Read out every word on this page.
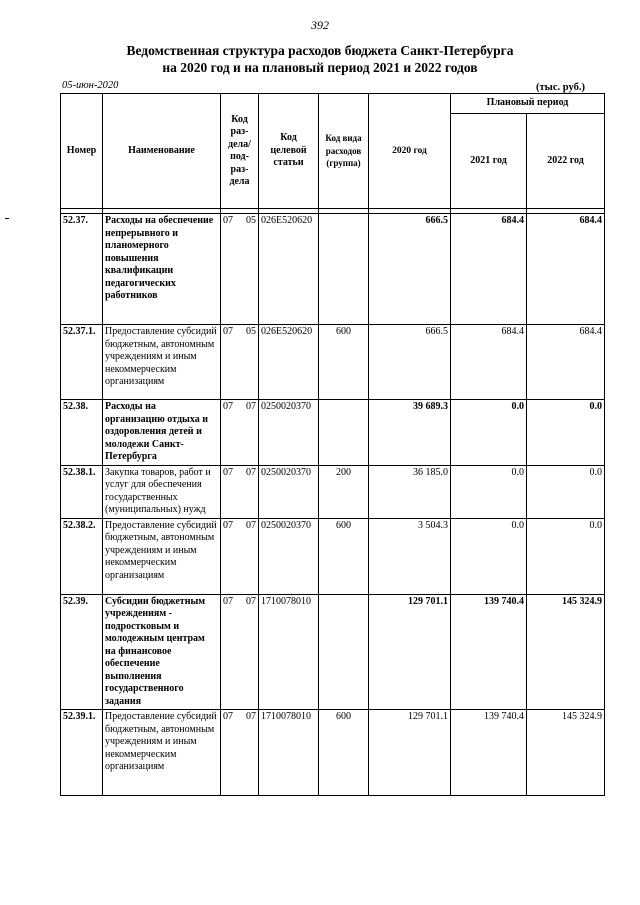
392
Ведомственная структура расходов бюджета Санкт-Петербурга
на 2020 год и на плановый период 2021 и 2022 годов
05-июн-2020	(тыс. руб.)
Номер	Наименование	Код раз- дела/ под- раз- дела	Код целевой статьи	Код вида расходов (группа)	2020 год	Плановый период	
						2021 год	2022 год

52.37.	Расходы на обеспечение непрерывного и планомерного повышения квалификации педагогических работников	07 05	026E520620		666.5	684.4	684.4
52.37.1.	Предоставление субсидий бюджетным, автономным учреждениям и иным некоммерческим организациям	07 05	026E520620	600	666.5	684.4	684.4
52.38.	Расходы на организацию отдыха и оздоровления детей и молодежи Санкт-Петербурга	07 07	0250020370		39 689.3	0.0	0.0
52.38.1.	Закупка товаров, работ и услуг для обеспечения государственных (муниципальных) нужд	07 07	0250020370	200	36 185.0	0.0	0.0
52.38.2.	Предоставление субсидий бюджетным, автономным учреждениям и иным некоммерческим организациям	07 07	0250020370	600	3 504.3	0.0	0.0
52.39.	Субсидии бюджетным учреждениям - подростковым и молодежным центрам на финансовое обеспечение выполнения государственного задания	07 07	1710078010		129 701.1	139 740.4	145 324.9
52.39.1.	Предоставление субсидий бюджетным, автономным учреждениям и иным некоммерческим организациям	07 07	1710078010	600	129 701.1	139 740.4	145 324.9
